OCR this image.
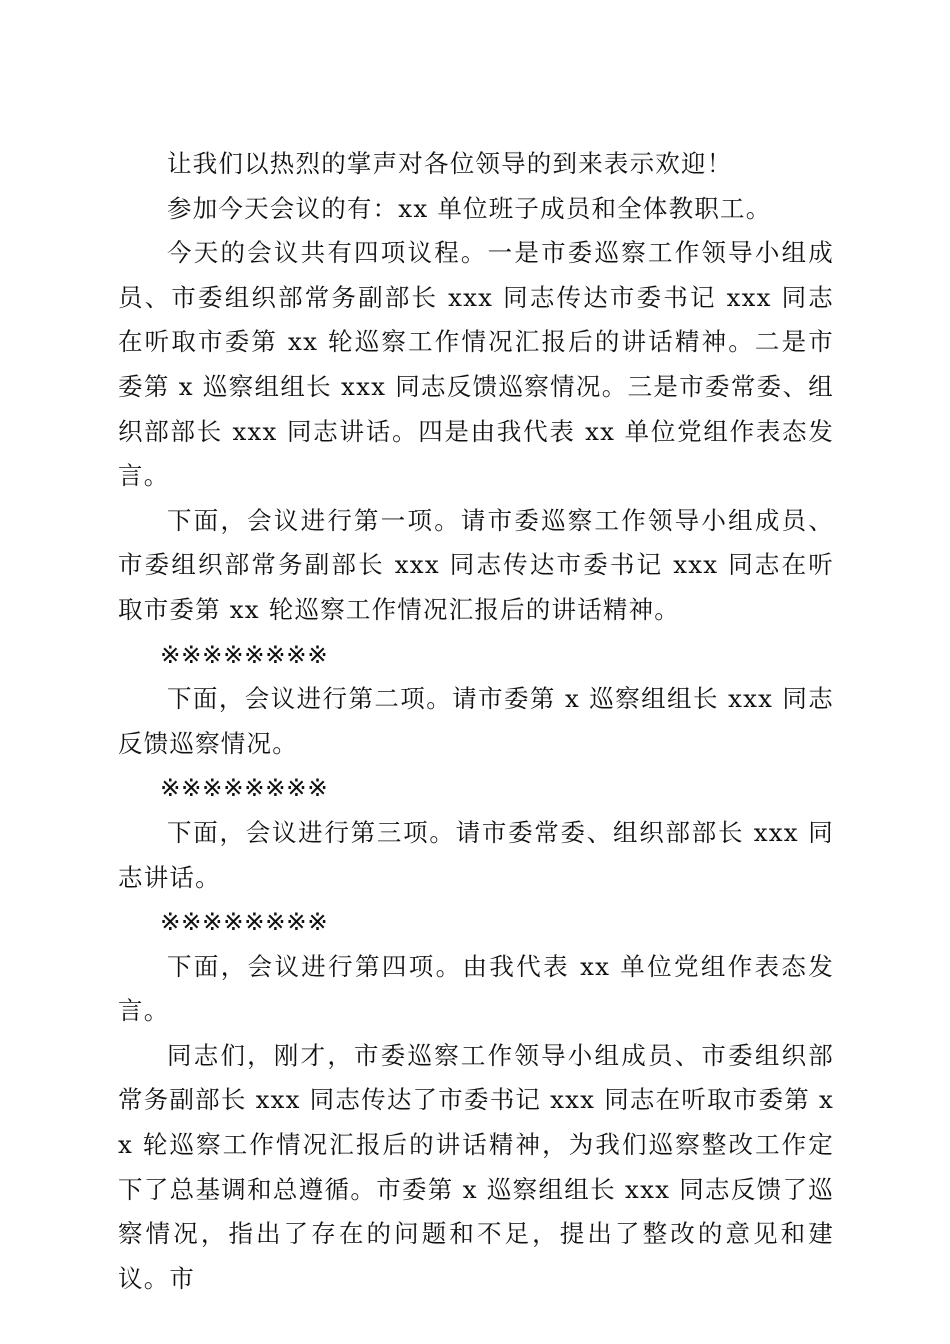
让我们以热烈的掌声对各位领导的到来表示欢迎！

参加今天会议的有：xx 单位班子成员和全体教职工。

今天的会议共有四项议程。一是市委巡察工作领导小组成员、市委组织部常务副部长 xxx 同志传达市委书记 xxx 同志在听取市委第 xx 轮巡察工作情况汇报后的讲话精神。二是市委第 x 巡察组组长 xxx 同志反馈巡察情况。三是市委常委、组织部部长 xxx 同志讲话。四是由我代表 xx 单位党组作表态发言。

下面，会议进行第一项。请市委巡察工作领导小组成员、市委组织部常务副部长 xxx 同志传达市委书记 xxx 同志在听取市委第 xx 轮巡察工作情况汇报后的讲话精神。

※※※※※※※※

下面，会议进行第二项。请市委第 x 巡察组组长 xxx 同志反馈巡察情况。

※※※※※※※※

下面，会议进行第三项。请市委常委、组织部部长 xxx 同志讲话。

※※※※※※※※

下面，会议进行第四项。由我代表 xx 单位党组作表态发言。

同志们，刚才，市委巡察工作领导小组成员、市委组织部常务副部长 xxx 同志传达了市委书记 xxx 同志在听取市委第 xx 轮巡察工作情况汇报后的讲话精神，为我们巡察整改工作定下了总基调和总遵循。市委第 x 巡察组组长 xxx 同志反馈了巡察情况，指出了存在的问题和不足，提出了整改的意见和建议。市
